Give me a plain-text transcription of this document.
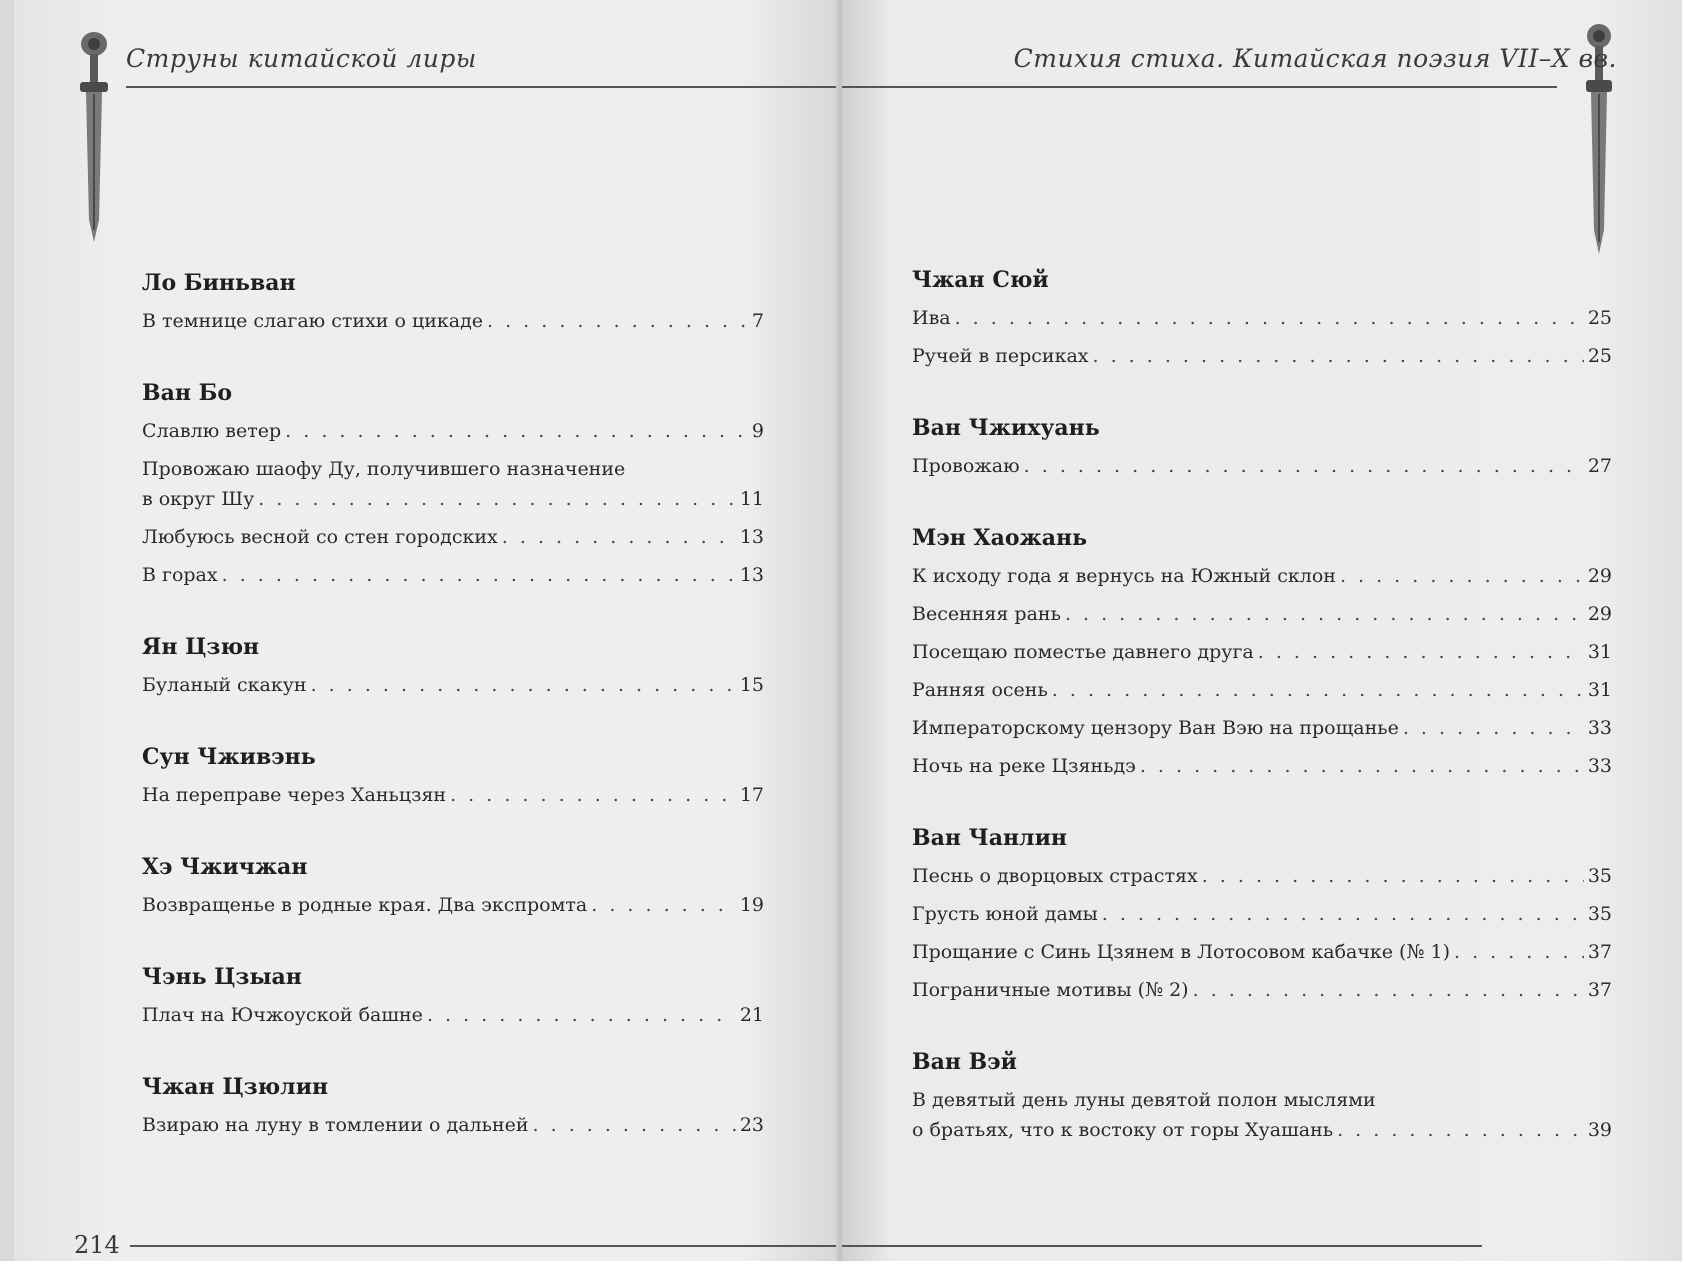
Струны китайской лиры
Ло Биньван
В темнице слагаю стихи о цикаде . . .	7
Ван Бо
Славлю ветер . . .	9
Провожаю шаофу Ду, получившего назначение
в округ Шу . . .	11
Любуюсь весной со стен городских . . .	13
В горах . . .	13
Ян Цзюн
Буланый скакун . . .	15
Сун Чживэнь
На переправе через Ханьцзян . . .	17
Хэ Чжичжан
Возвращенье в родные края. Два экспромта . . .	19
Чэнь Цзыан
Плач на Ючжоуской башне . . .	21
Чжан Цзюлин
Взираю на луну в томлении о дальней . . .	23
214
Стихия стиха. Китайская поэзия VII–X вв.
Чжан Сюй
Ива . . .	25
Ручей в персиках . . .	25
Ван Чжихуань
Провожаю . . .	27
Мэн Хаожань
К исходу года я вернусь на Южный склон . . .	29
Весенняя рань . . .	29
Посещаю поместье давнего друга . . .	31
Ранняя осень . . .	31
Императорскому цензору Ван Вэю на прощанье . . .	33
Ночь на реке Цзяньдэ . . .	33
Ван Чанлин
Песнь о дворцовых страстях . . .	35
Грусть юной дамы . . .	35
Прощание с Синь Цзянем в Лотосовом кабачке (№ 1) . . .	37
Пограничные мотивы (№ 2) . . .	37
Ван Вэй
В девятый день луны девятой полон мыслями
о братьях, что к востоку от горы Хуашань . . .	39
